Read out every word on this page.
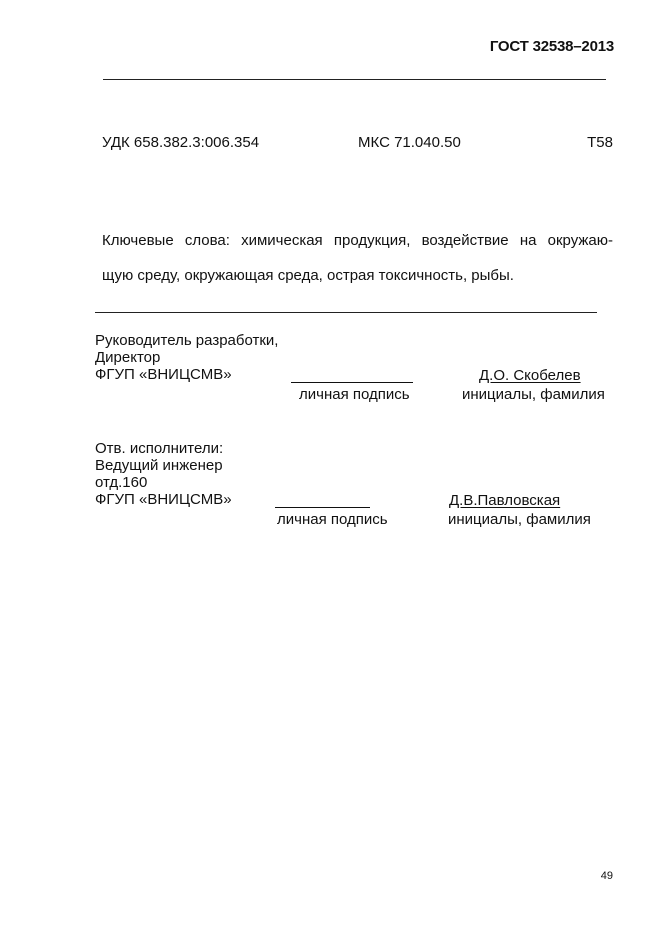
ГОСТ 32538–2013
УДК 658.382.3:006.354	МКС 71.040.50	Т58
Ключевые слова: химическая продукция, воздействие на окружаю-
щую среду, окружающая среда, острая токсичность, рыбы.
Руководитель разработки,
Директор
ФГУП «ВНИЦСМВ»
личная подпись
Д.О. Скобелев
инициалы, фамилия
Отв. исполнители:
Ведущий инженер
отд.160
ФГУП «ВНИЦСМВ»
личная подпись
Д.В.Павловская
инициалы, фамилия
49
